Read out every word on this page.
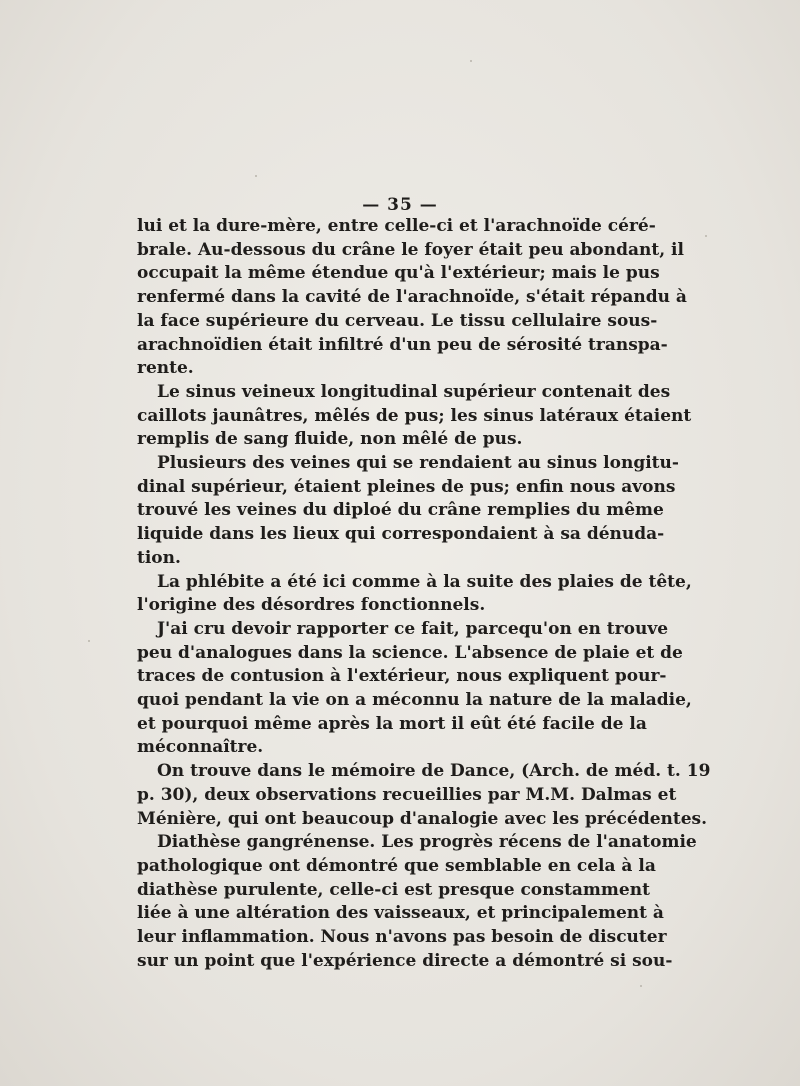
— 35 —

lui et la dure-mère, entre celle-ci et l'arachnoïde céré-
brale. Au-dessous du crâne le foyer était peu abondant, il
occupait la même étendue qu'à l'extérieur; mais le pus
renfermé dans la cavité de l'arachnoïde, s'était répandu à
la face supérieure du cerveau. Le tissu cellulaire sous-
arachnoïdien était infiltré d'un peu de sérosité transpa-
rente.

Le sinus veineux longitudinal supérieur contenait des
caillots jaunâtres, mêlés de pus; les sinus latéraux étaient
remplis de sang fluide, non mêlé de pus.

Plusieurs des veines qui se rendaient au sinus longitu-
dinal supérieur, étaient pleines de pus; enfin nous avons
trouvé les veines du diploé du crâne remplies du même
liquide dans les lieux qui correspondaient à sa dénuda-
tion.

La phlébite a été ici comme à la suite des plaies de tête,
l'origine des désordres fonctionnels.

J'ai cru devoir rapporter ce fait, parcequ'on en trouve
peu d'analogues dans la science. L'absence de plaie et de
traces de contusion à l'extérieur, nous expliquent pour-
quoi pendant la vie on a méconnu la nature de la maladie,
et pourquoi même après la mort il eût été facile de la
méconnaître.

On trouve dans le mémoire de Dance, (Arch. de méd. t. 19
p. 30), deux observations recueillies par M.M. Dalmas et
Ménière, qui ont beaucoup d'analogie avec les précédentes.

Diathèse gangrénense. Les progrès récens de l'anatomie
pathologique ont démontré que semblable en cela à la
diathèse purulente, celle-ci est presque constamment
liée à une altération des vaisseaux, et principalement à
leur inflammation. Nous n'avons pas besoin de discuter
sur un point que l'expérience directe a démontré si sou-
